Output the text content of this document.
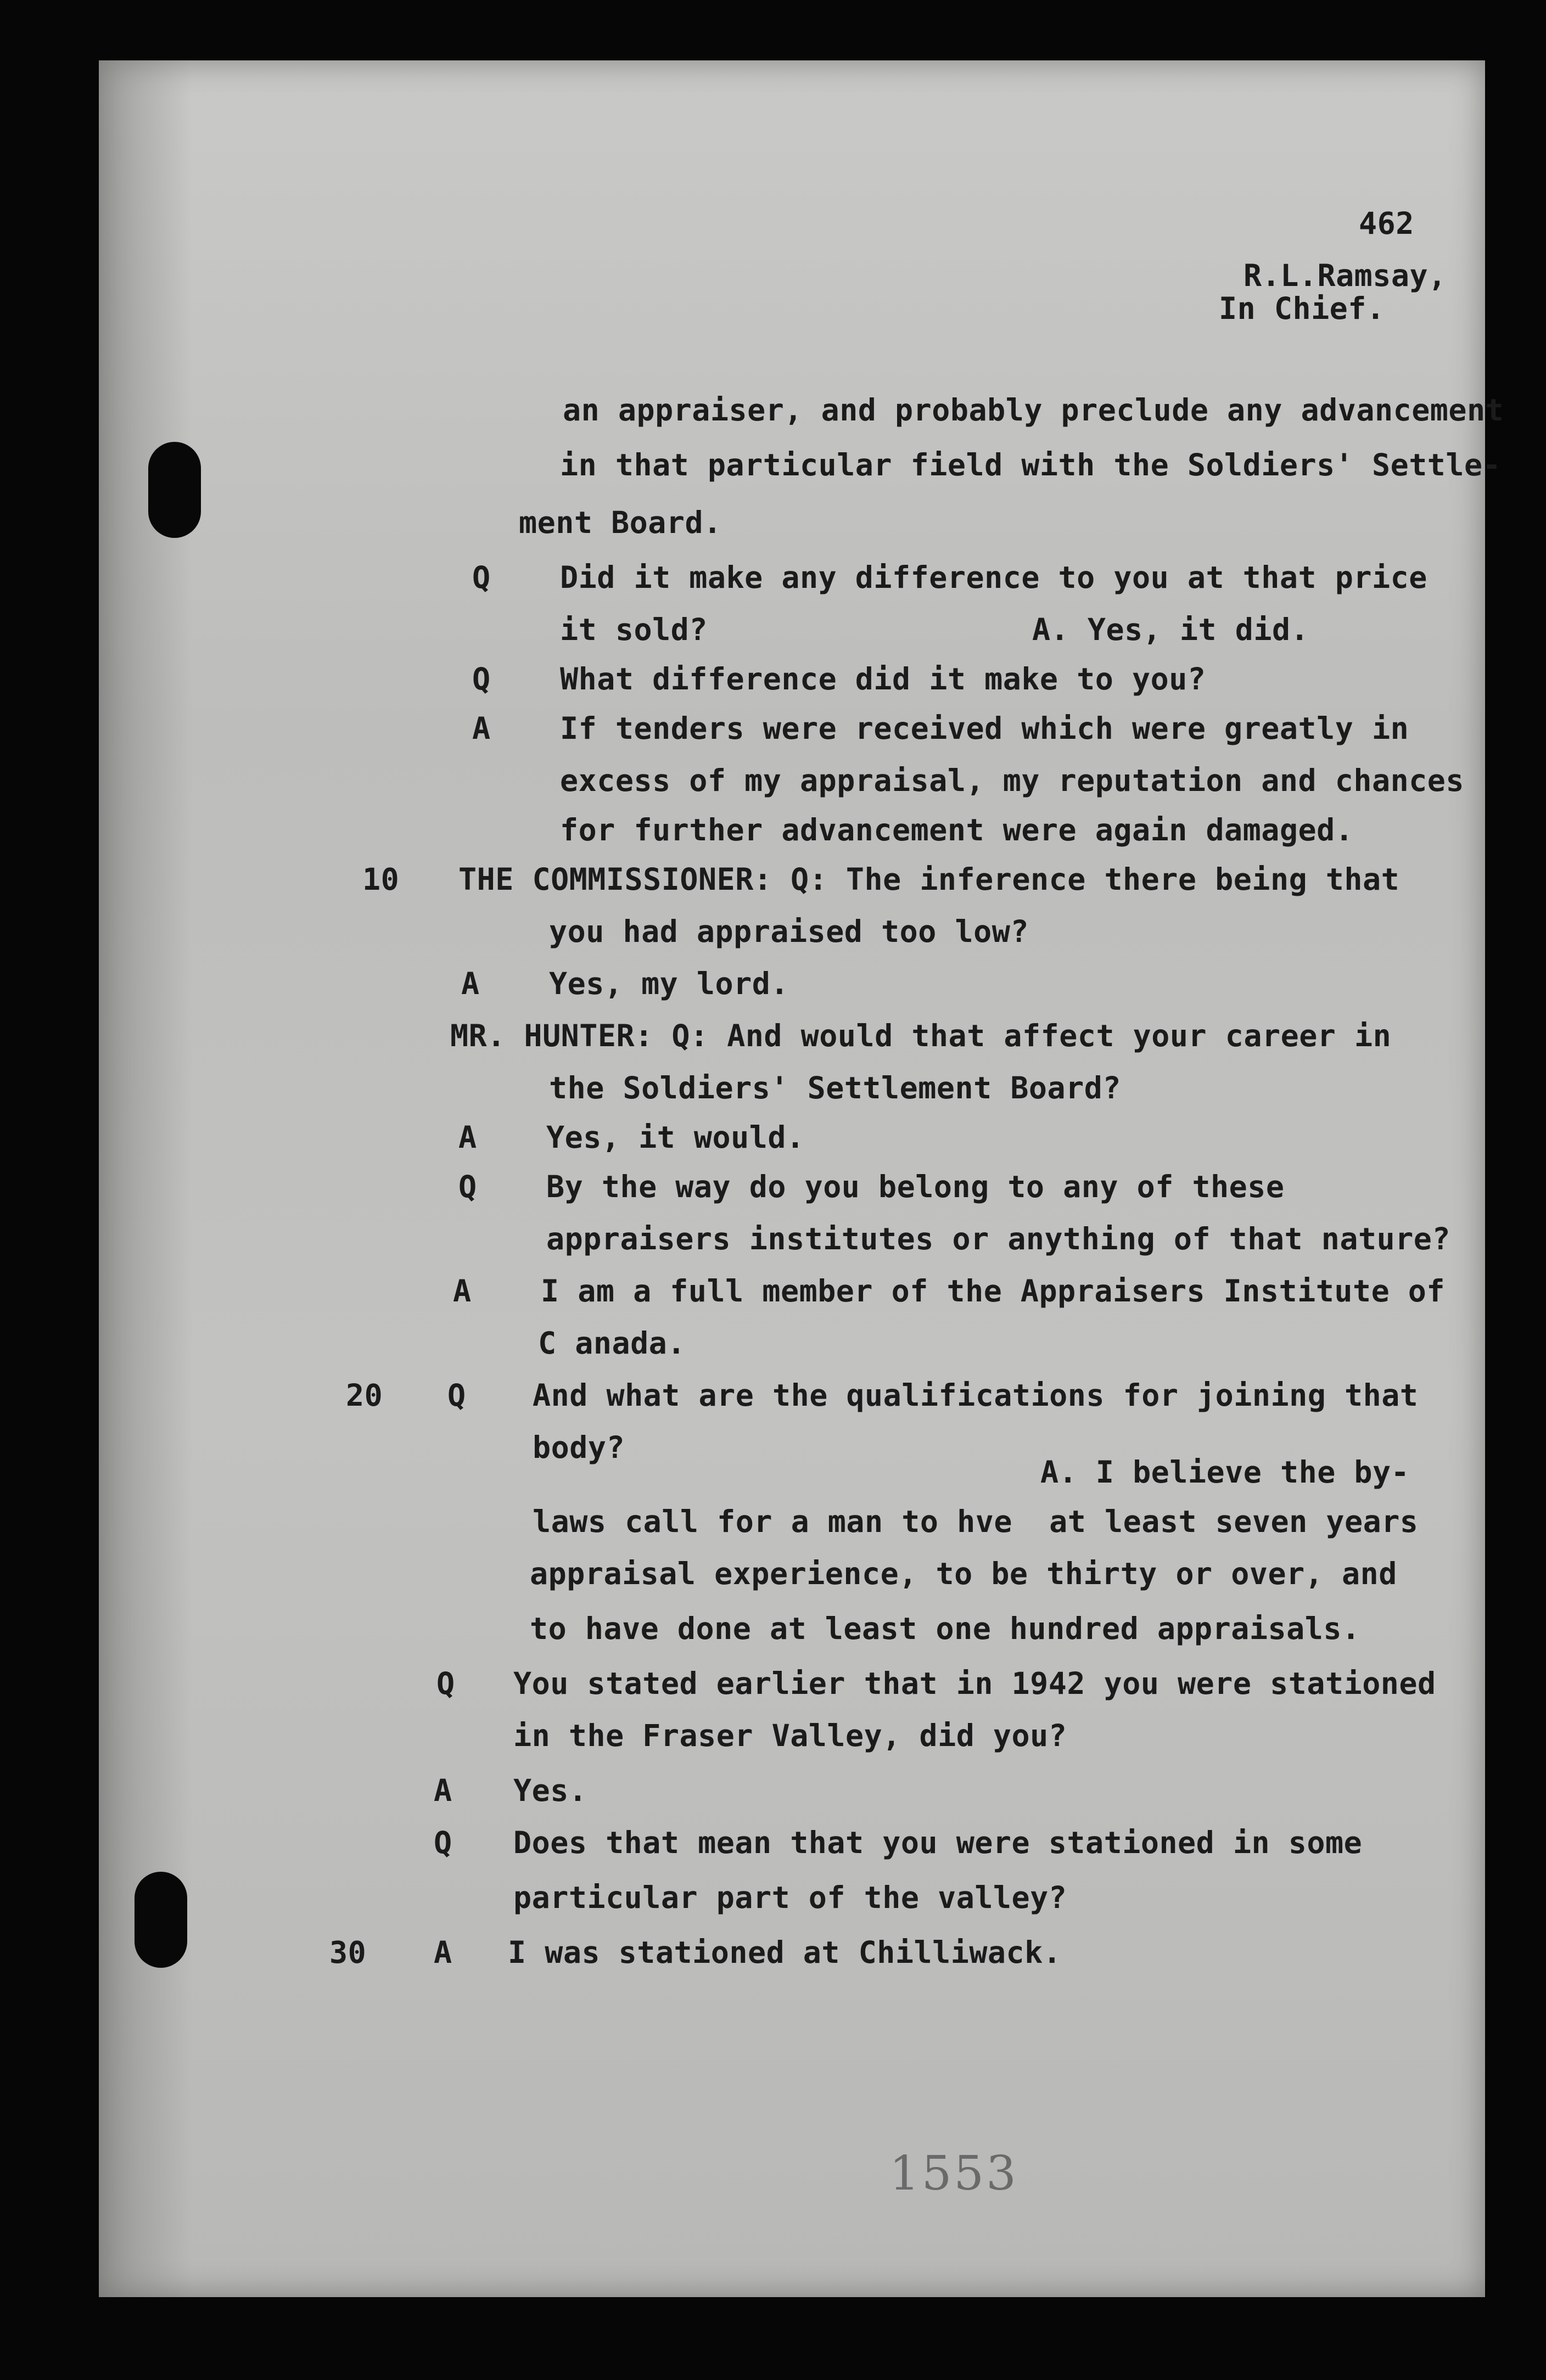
462
R.L.Ramsay,
In Chief.
an appraiser, and probably preclude any advancement
in that particular field with the Soldiers' Settle-
ment Board.
Q Did it make any difference to you at that price
it sold?	A. Yes, it did.
Q What difference did it make to you?
A If tenders were received which were greatly in
excess of my appraisal, my reputation and chances
for further advancement were again damaged.
10 THE COMMISSIONER: Q: The inference there being that
you had appraised too low?
A Yes, my lord.
MR. HUNTER: Q: And would that affect your career in
the Soldiers' Settlement Board?
A Yes, it would.
Q By the way do you belong to any of these
appraisers institutes or anything of that nature?
A I am a full member of the Appraisers Institute of
C anada.
20 Q And what are the qualifications for joining that
body?
A. I believe the by-
laws call for a man to hve  at least seven years
appraisal experience, to be thirty or over, and
to have done at least one hundred appraisals.
Q You stated earlier that in 1942 you were stationed
in the Fraser Valley, did you?
A Yes.
Q Does that mean that you were stationed in some
particular part of the valley?
30 A I was stationed at Chilliwack.
1553
